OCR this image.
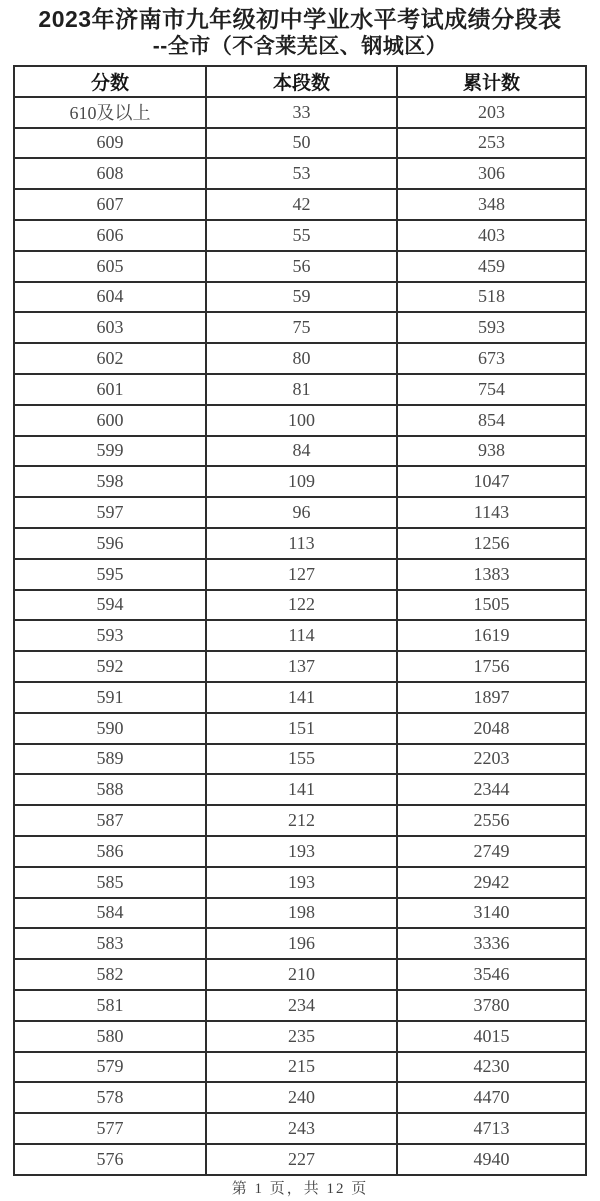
2023年济南市九年级初中学业水平考试成绩分段表
--全市（不含莱芜区、钢城区）
分数	本段数	累计数
610及以上	33	203
609	50	253
608	53	306
607	42	348
606	55	403
605	56	459
604	59	518
603	75	593
602	80	673
601	81	754
600	100	854
599	84	938
598	109	1047
597	96	1143
596	113	1256
595	127	1383
594	122	1505
593	114	1619
592	137	1756
591	141	1897
590	151	2048
589	155	2203
588	141	2344
587	212	2556
586	193	2749
585	193	2942
584	198	3140
583	196	3336
582	210	3546
581	234	3780
580	235	4015
579	215	4230
578	240	4470
577	243	4713
576	227	4940
第 1 页，共 12 页
